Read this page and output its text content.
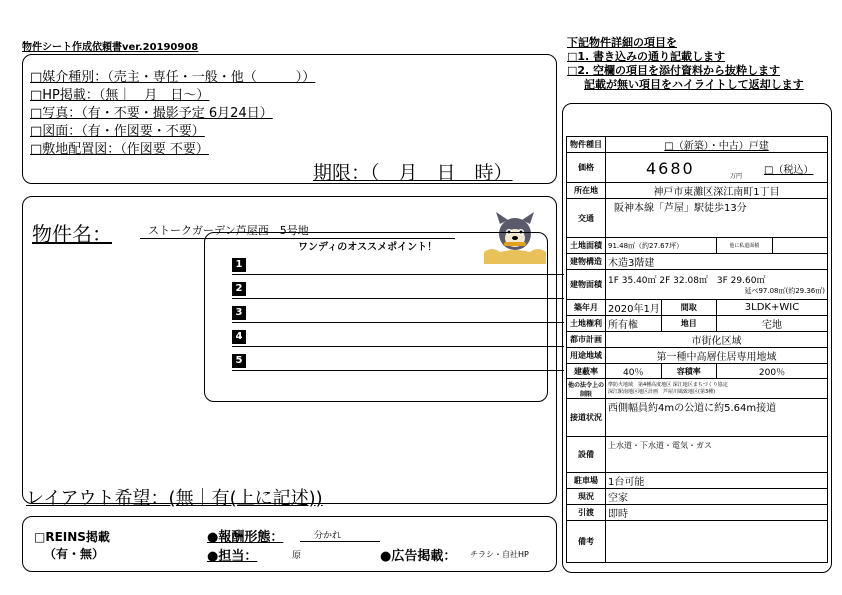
物件シート作成依頼書ver.20190908
□媒介種別：（売主・専任・一般・他（　　　））
□HP掲載：（無｜　月　日〜）
□写真：（有・不要・撮影予定 6月24日）
□図面：（有・作図要・不要）
□敷地配置図：（作図要 不要）
期限：（　月　日　時）
物件名：	ストークガーデン芦屋西　5号地
ワンディのオススメポイント！
1
2
3
4
5
レイアウト希望：(無｜有(上に記述))
□REINS掲載
（有・無）
●報酬形態：	分かれ
●担当：	原	●広告掲載： チラシ・自社HP
下記物件詳細の項目を
□1. 書き込みの通り記載します
□2. 空欄の項目を添付資料から抜粋します
記載が無い項目をハイライトして返却します
物件種目	□（新築）・中古）戸建			
価格	4680 万円
□（税込）			

所在地	神戸市東灘区深江南町1丁目			
交通	阪神本線「芦屋」駅徒歩13分			
土地面積	91.48㎡（約27.67坪）		他に私道面積	
建物構造	木造3階建			
建物面積	1F 35.40㎡ 2F 32.08㎡　3F 29.60㎡
延べ97.08㎡(約29.36㎡)			

築年月	2020年1月	間取	3LDK+WIC	
土地権利	所有権	地目	宅地	
都市計画	市街化区域			
用途地域	第一種中高層住居専用地域			
建蔽率	40％	容積率	200％	
他の法令上の制限	準防火地域　第4種高度地区 深江地区まちづくり協定
深江駅南地区地区計画　芦屋川風致地区(第3種)			

接道状況	西側幅員約4mの公道に約5.64m接道			
設備	上水道・下水道・電気・ガス			
駐車場	1台可能			
現況	空家			
引渡	即時			
備考				
